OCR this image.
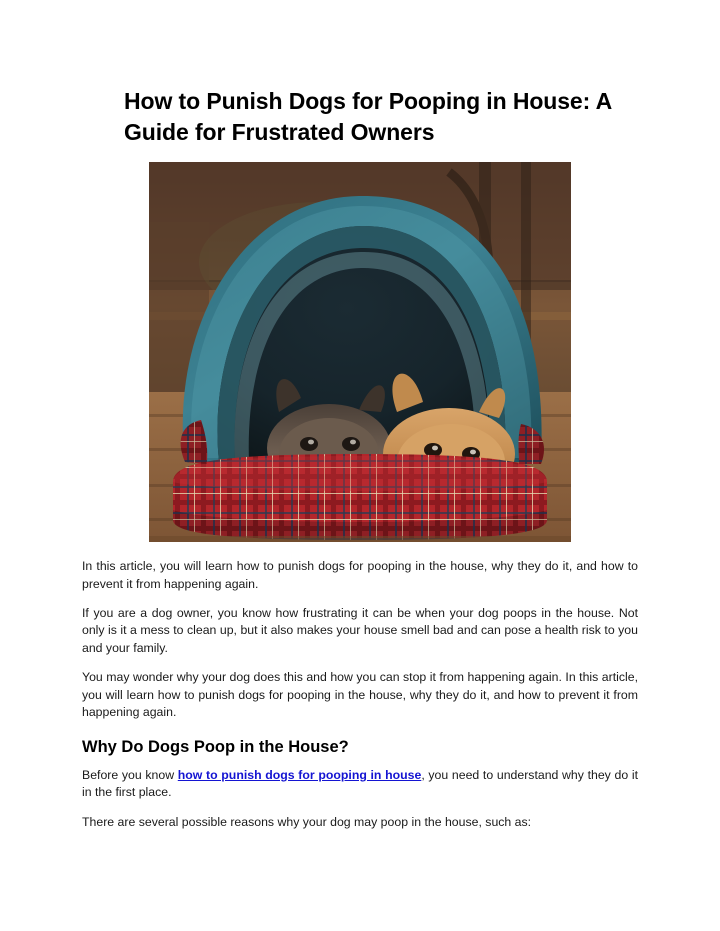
How to Punish Dogs for Pooping in House: A Guide for Frustrated Owners

In this article, you will learn how to punish dogs for pooping in the house, why they do it, and how to prevent it from happening again.

If you are a dog owner, you know how frustrating it can be when your dog poops in the house. Not only is it a mess to clean up, but it also makes your house smell bad and can pose a health risk to you and your family.

You may wonder why your dog does this and how you can stop it from happening again. In this article, you will learn how to punish dogs for pooping in the house, why they do it, and how to prevent it from happening again.

Why Do Dogs Poop in the House?

Before you know how to punish dogs for pooping in house, you need to understand why they do it in the first place.

There are several possible reasons why your dog may poop in the house, such as:
